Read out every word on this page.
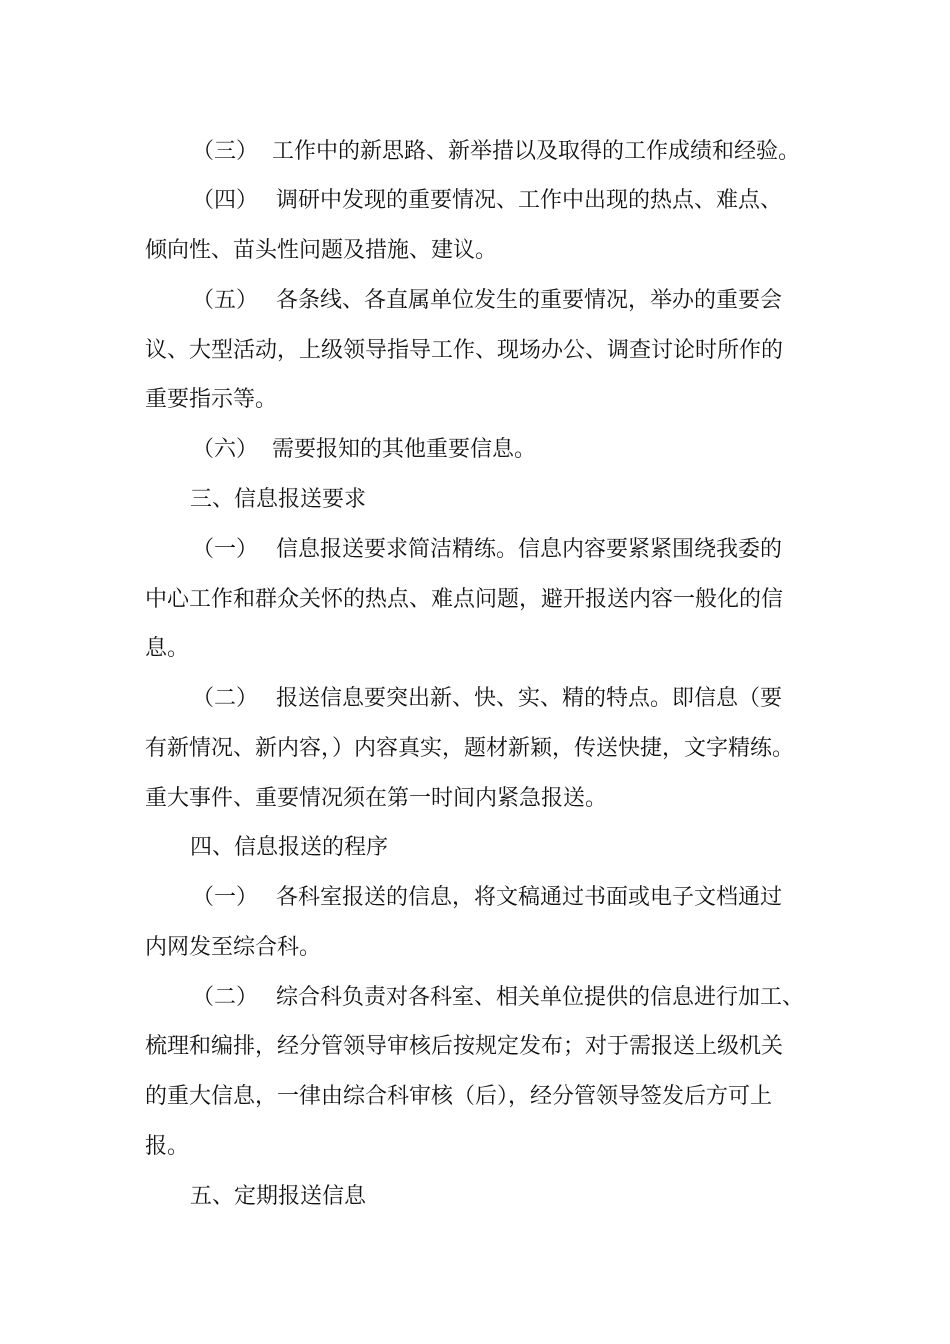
（三） 工作中的新思路、新举措以及取得的工作成绩和经验。
（四） 调研中发现的重要情况、工作中出现的热点、难点、
倾向性、苗头性问题及措施、建议。
（五） 各条线、各直属单位发生的重要情况，举办的重要会
议、大型活动，上级领导指导工作、现场办公、调查讨论时所作的
重要指示等。
（六） 需要报知的其他重要信息。
三、信息报送要求
（一） 信息报送要求简洁精练。信息内容要紧紧围绕我委的
中心工作和群众关怀的热点、难点问题，避开报送内容一般化的信
息。
（二） 报送信息要突出新、快、实、精的特点。即信息（要
有新情况、新内容，）内容真实，题材新颖，传送快捷，文字精练。
重大事件、重要情况须在第一时间内紧急报送。
四、信息报送的程序
（一） 各科室报送的信息，将文稿通过书面或电子文档通过
内网发至综合科。
（二） 综合科负责对各科室、相关单位提供的信息进行加工、
梳理和编排，经分管领导审核后按规定发布；对于需报送上级机关
的重大信息，一律由综合科审核（后），经分管领导签发后方可上
报。
五、定期报送信息
